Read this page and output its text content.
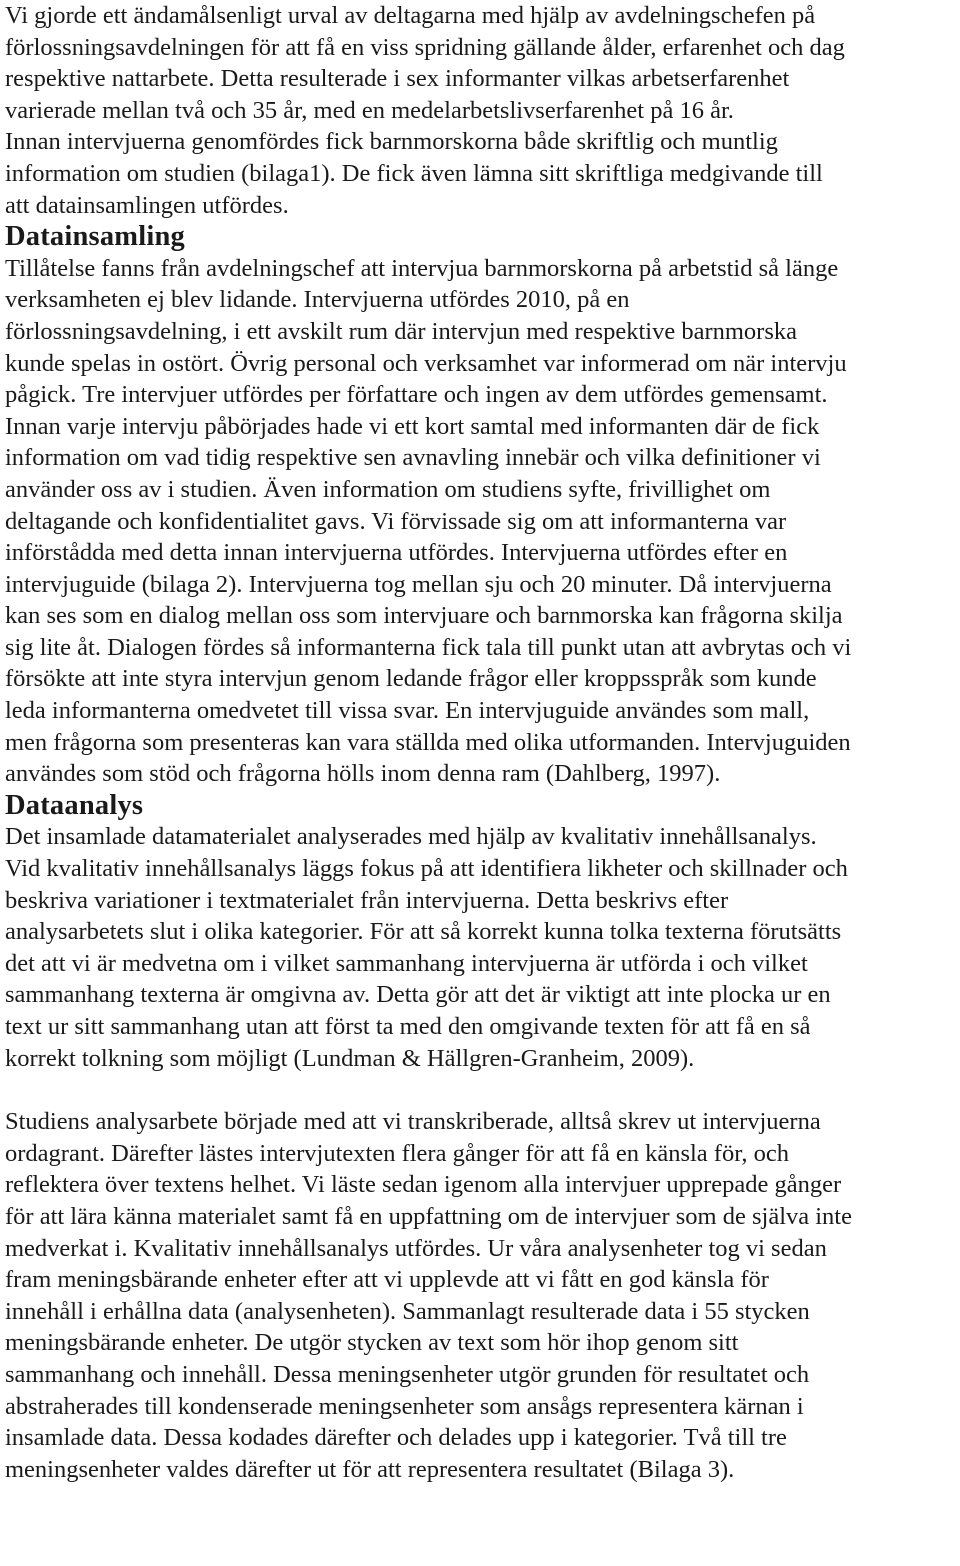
Vi gjorde ett ändamålsenligt urval av deltagarna med hjälp av avdelningschefen på
förlossningsavdelningen för att få en viss spridning gällande ålder, erfarenhet och dag
respektive nattarbete. Detta resulterade i sex informanter vilkas arbetserfarenhet
varierade mellan två och 35 år, med en medelarbetslivserfarenhet på 16 år.
Innan intervjuerna genomfördes fick barnmorskorna både skriftlig och muntlig
information om studien (bilaga1). De fick även lämna sitt skriftliga medgivande till
att datainsamlingen utfördes.

Datainsamling

Tillåtelse fanns från avdelningschef att intervjua barnmorskorna på arbetstid så länge
verksamheten ej blev lidande. Intervjuerna utfördes 2010, på en
förlossningsavdelning, i ett avskilt rum där intervjun med respektive barnmorska
kunde spelas in ostört. Övrig personal och verksamhet var informerad om när intervju
pågick. Tre intervjuer utfördes per författare och ingen av dem utfördes gemensamt.
Innan varje intervju påbörjades hade vi ett kort samtal med informanten där de fick
information om vad tidig respektive sen avnavling innebär och vilka definitioner vi
använder oss av i studien. Även information om studiens syfte, frivillighet om
deltagande och konfidentialitet gavs. Vi förvissade sig om att informanterna var
införstådda med detta innan intervjuerna utfördes. Intervjuerna utfördes efter en
intervjuguide (bilaga 2). Intervjuerna tog mellan sju och 20 minuter. Då intervjuerna
kan ses som en dialog mellan oss som intervjuare och barnmorska kan frågorna skilja
sig lite åt. Dialogen fördes så informanterna fick tala till punkt utan att avbrytas och vi
försökte att inte styra intervjun genom ledande frågor eller kroppsspråk som kunde
leda informanterna omedvetet till vissa svar. En intervjuguide användes som mall,
men frågorna som presenteras kan vara ställda med olika utformanden. Intervjuguiden
användes som stöd och frågorna hölls inom denna ram (Dahlberg, 1997).

Dataanalys

Det insamlade datamaterialet analyserades med hjälp av kvalitativ innehållsanalys.
Vid kvalitativ innehållsanalys läggs fokus på att identifiera likheter och skillnader och
beskriva variationer i textmaterialet från intervjuerna. Detta beskrivs efter
analysarbetets slut i olika kategorier. För att så korrekt kunna tolka texterna förutsätts
det att vi är medvetna om i vilket sammanhang intervjuerna är utförda i och vilket
sammanhang texterna är omgivna av. Detta gör att det är viktigt att inte plocka ur en
text ur sitt sammanhang utan att först ta med den omgivande texten för att få en så
korrekt tolkning som möjligt (Lundman & Hällgren-Granheim, 2009).

Studiens analysarbete började med att vi transkriberade, alltså skrev ut intervjuerna
ordagrant. Därefter lästes intervjutexten flera gånger för att få en känsla för, och
reflektera över textens helhet. Vi läste sedan igenom alla intervjuer upprepade gånger
för att lära känna materialet samt få en uppfattning om de intervjuer som de själva inte
medverkat i. Kvalitativ innehållsanalys utfördes. Ur våra analysenheter tog vi sedan
fram meningsbärande enheter efter att vi upplevde att vi fått en god känsla för
innehåll i erhållna data (analysenheten). Sammanlagt resulterade data i 55 stycken
meningsbärande enheter. De utgör stycken av text som hör ihop genom sitt
sammanhang och innehåll. Dessa meningsenheter utgör grunden för resultatet och
abstraherades till kondenserade meningsenheter som ansågs representera kärnan i
insamlade data. Dessa kodades därefter och delades upp i kategorier. Två till tre
meningsenheter valdes därefter ut för att representera resultatet (Bilaga 3).
